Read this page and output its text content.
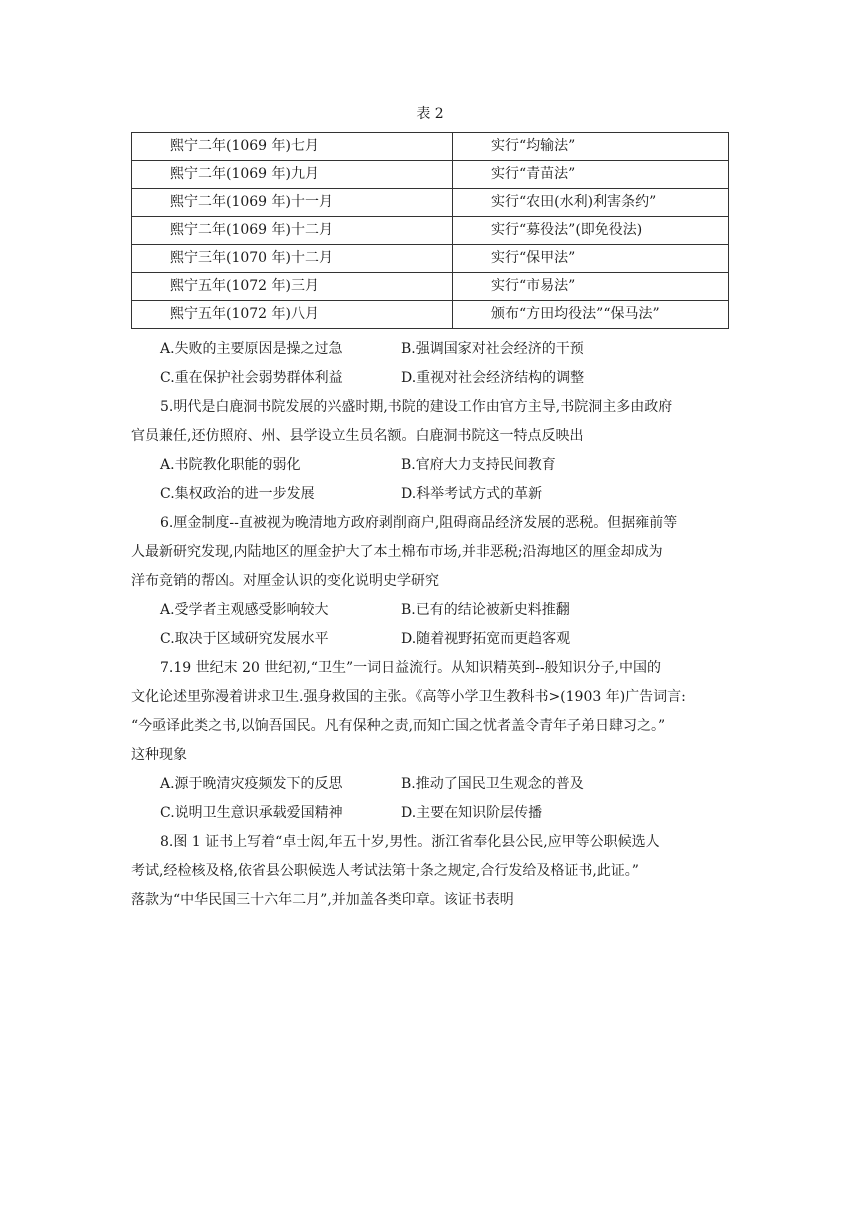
表 2
熙宁二年(1069 年)七月	实行“均输法”
熙宁二年(1069 年)九月	实行“青苗法”
熙宁二年(1069 年)十一月	实行“农田(水利)利害条约”
熙宁二年(1069 年)十二月	实行“募役法”(即免役法)
熙宁三年(1070 年)十二月	实行“保甲法”
熙宁五年(1072 年)三月	实行“市易法”
熙宁五年(1072 年)八月	颁布“方田均役法”“保马法”
A.失败的主要原因是操之过急	B.强调国家对社会经济的干预
C.重在保护社会弱势群体利益	D.重视对社会经济结构的调整
5.明代是白鹿洞书院发展的兴盛时期,书院的建设工作由官方主导,书院洞主多由政府
官员兼任,还仿照府、州、县学设立生员名额。白鹿洞书院这一特点反映出
A.书院教化职能的弱化	B.官府大力支持民间教育
C.集权政治的进一步发展	D.科举考试方式的革新
6.厘金制度--直被视为晚清地方政府剥削商户,阻碍商品经济发展的恶税。但据雍前等
人最新研究发现,内陆地区的厘金护大了本土棉布市场,并非恶税;沿海地区的厘金却成为
洋布竞销的帮凶。对厘金认识的变化说明史学研究
A.受学者主观感受影响较大	B.已有的结论被新史料推翻
C.取决于区域研究发展水平	D.随着视野拓宽而更趋客观
7.19 世纪末 20 世纪初,“卫生”一词日益流行。从知识精英到--般知识分子,中国的
文化论述里弥漫着讲求卫生.强身救国的主张。《高等小学卫生教科书>(1903 年)广告词言:
“今亟译此类之书,以饷吾国民。凡有保种之责,而知亡国之忧者盖令青年子弟日肆习之。”
这种现象
A.源于晚清灾疫频发下的反思	B.推动了国民卫生观念的普及
C.说明卫生意识承载爱国精神	D.主要在知识阶层传播
8.图 1 证书上写着“卓士闳,年五十岁,男性。浙江省奉化县公民,应甲等公职候选人
考试,经检核及格,依省县公职候选人考试法第十条之规定,合行发给及格证书,此证。”
落款为“中华民国三十六年二月”,并加盖各类印章。该证书表明
